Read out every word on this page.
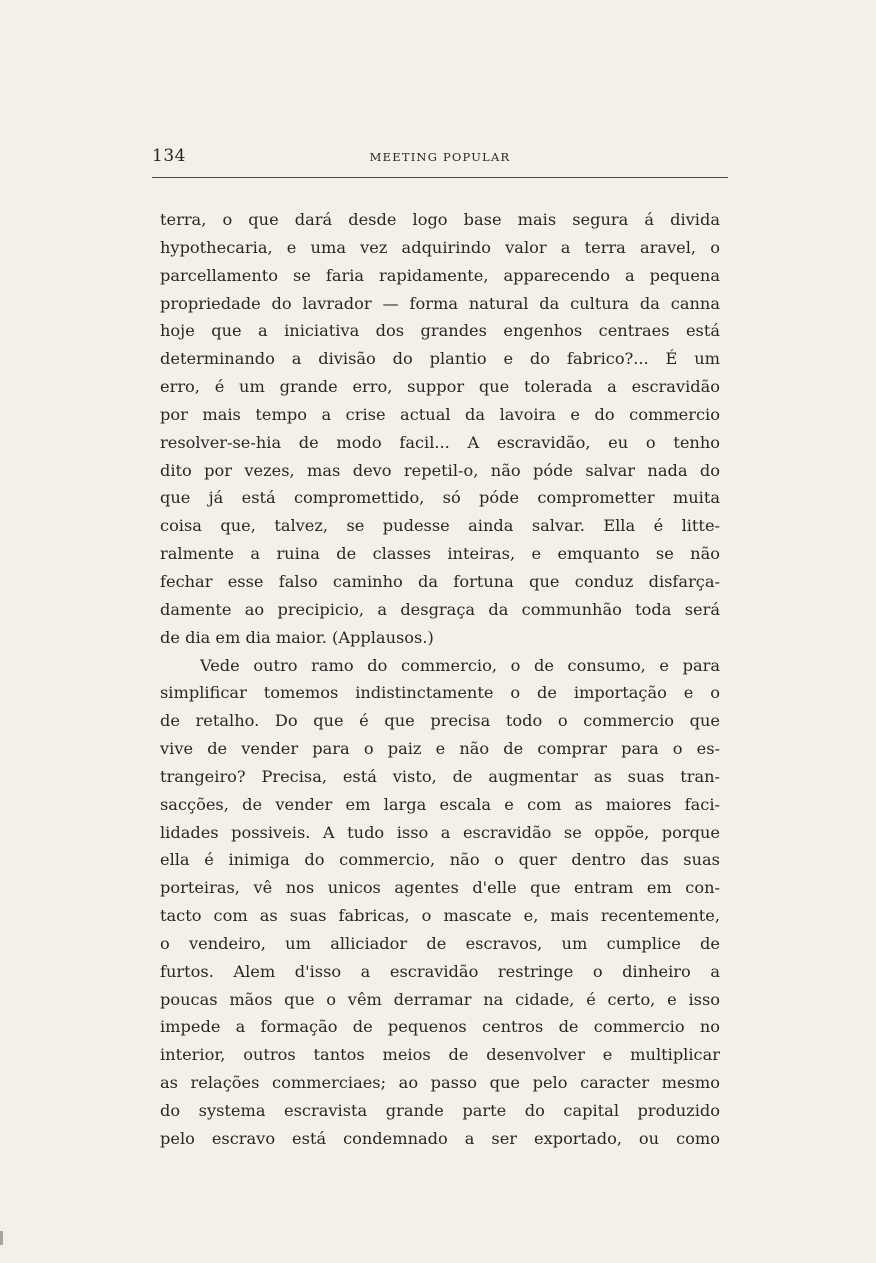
134	MEETING POPULAR
terra, o que dará desde logo base mais segura á divida
hypothecaria, e uma vez adquirindo valor a terra aravel, o
parcellamento se faria rapidamente, apparecendo a pequena
propriedade do lavrador — forma natural da cultura da canna
hoje que a iniciativa dos grandes engenhos centraes está
determinando a divisão do plantio e do fabrico?... É um
erro, é um grande erro, suppor que tolerada a escravidão
por mais tempo a crise actual da lavoira e do commercio
resolver-se-hia de modo facil... A escravidão, eu o tenho
dito por vezes, mas devo repetil-o, não póde salvar nada do
que já está compromettido, só póde comprometter muita
coisa que, talvez, se pudesse ainda salvar. Ella é litte-
ralmente a ruina de classes inteiras, e emquanto se não
fechar esse falso caminho da fortuna que conduz disfarça-
damente ao precipicio, a desgraça da communhão toda será
de dia em dia maior. (Applausos.)
Vede outro ramo do commercio, o de consumo, e para
simplificar tomemos indistinctamente o de importação e o
de retalho. Do que é que precisa todo o commercio que
vive de vender para o paiz e não de comprar para o es-
trangeiro? Precisa, está visto, de augmentar as suas tran-
sacções, de vender em larga escala e com as maiores faci-
lidades possiveis. A tudo isso a escravidão se oppõe, porque
ella é inimiga do commercio, não o quer dentro das suas
porteiras, vê nos unicos agentes d'elle que entram em con-
tacto com as suas fabricas, o mascate e, mais recentemente,
o vendeiro, um alliciador de escravos, um cumplice de
furtos. Alem d'isso a escravidão restringe o dinheiro a
poucas mãos que o vêm derramar na cidade, é certo, e isso
impede a formação de pequenos centros de commercio no
interior, outros tantos meios de desenvolver e multiplicar
as relações commerciaes; ao passo que pelo caracter mesmo
do systema escravista grande parte do capital produzido
pelo escravo está condemnado a ser exportado, ou como
